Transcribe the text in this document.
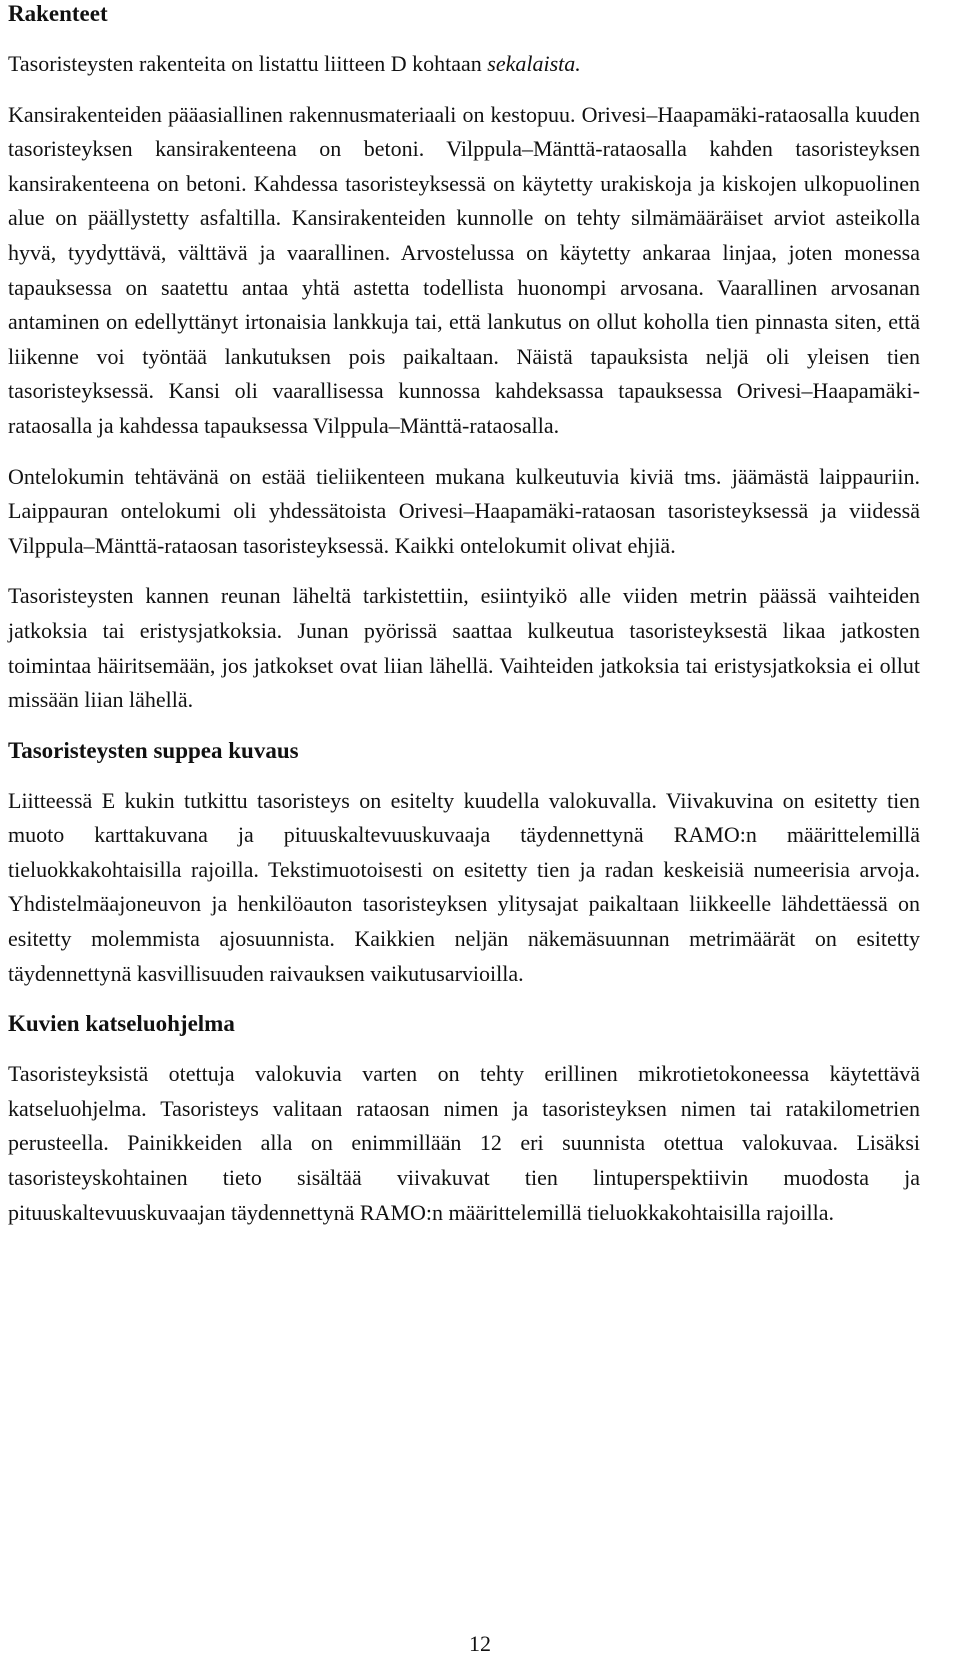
Rakenteet

Tasoristeysten rakenteita on listattu liitteen D kohtaan sekalaista.

Kansirakenteiden pääasiallinen rakennusmateriaali on kestopuu. Orivesi–Haapamäki-rataosalla kuuden tasoristeyksen kansirakenteena on betoni. Vilppula–Mänttä-rataosalla kahden tasoristeyksen kansirakenteena on betoni. Kahdessa tasoristeyksessä on käytetty urakiskoja ja kiskojen ulkopuolinen alue on päällystetty asfaltilla. Kansirakenteiden kunnolle on tehty silmämääräiset arviot asteikolla hyvä, tyydyttävä, välttävä ja vaarallinen. Arvostelussa on käytetty ankaraa linjaa, joten monessa tapauksessa on saatettu antaa yhtä astetta todellista huonompi arvosana. Vaarallinen arvosanan antaminen on edellyttänyt irtonaisia lankkuja tai, että lankutus on ollut koholla tien pinnasta siten, että liikenne voi työntää lankutuksen pois paikaltaan. Näistä tapauksista neljä oli yleisen tien tasoristeyksessä. Kansi oli vaarallisessa kunnossa kahdeksassa tapauksessa Orivesi–Haapamäki-rataosalla ja kahdessa tapauksessa Vilppula–Mänttä-rataosalla.

Ontelokumin tehtävänä on estää tieliikenteen mukana kulkeutuvia kiviä tms. jäämästä laippauriin. Laippauran ontelokumi oli yhdessätoista Orivesi–Haapamäki-rataosan tasoristeyksessä ja viidessä Vilppula–Mänttä-rataosan tasoristeyksessä. Kaikki ontelokumit olivat ehjiä.

Tasoristeysten kannen reunan läheltä tarkistettiin, esiintyikö alle viiden metrin päässä vaihteiden jatkoksia tai eristysjatkoksia. Junan pyörissä saattaa kulkeutua tasoristeyksestä likaa jatkosten toimintaa häiritsemään, jos jatkokset ovat liian lähellä. Vaihteiden jatkoksia tai eristysjatkoksia ei ollut missään liian lähellä.

Tasoristeysten suppea kuvaus

Liitteessä E kukin tutkittu tasoristeys on esitelty kuudella valokuvalla. Viivakuvina on esitetty tien muoto karttakuvana ja pituuskaltevuuskuvaaja täydennettynä RAMO:n määrittelemillä tieluokkakohtaisilla rajoilla. Tekstimuotoisesti on esitetty tien ja radan keskeisiä numeerisia arvoja. Yhdistelmäajoneuvon ja henkilöauton tasoristeyksen ylitysajat paikaltaan liikkeelle lähdettäessä on esitetty molemmista ajosuunnista. Kaikkien neljän näkemäsuunnan metrimäärät on esitetty täydennettynä kasvillisuuden raivauksen vaikutusarvioilla.

Kuvien katseluohjelma

Tasoristeyksistä otettuja valokuvia varten on tehty erillinen mikrotietokoneessa käytettävä katseluohjelma. Tasoristeys valitaan rataosan nimen ja tasoristeyksen nimen tai ratakilometrien perusteella. Painikkeiden alla on enimmillään 12 eri suunnista otettua valokuvaa. Lisäksi tasoristeyskohtainen tieto sisältää viivakuvat tien lintuperspektiivin muodosta ja pituuskaltevuuskuvaajan täydennettynä RAMO:n määrittelemillä tieluokkakohtaisilla rajoilla.

12
